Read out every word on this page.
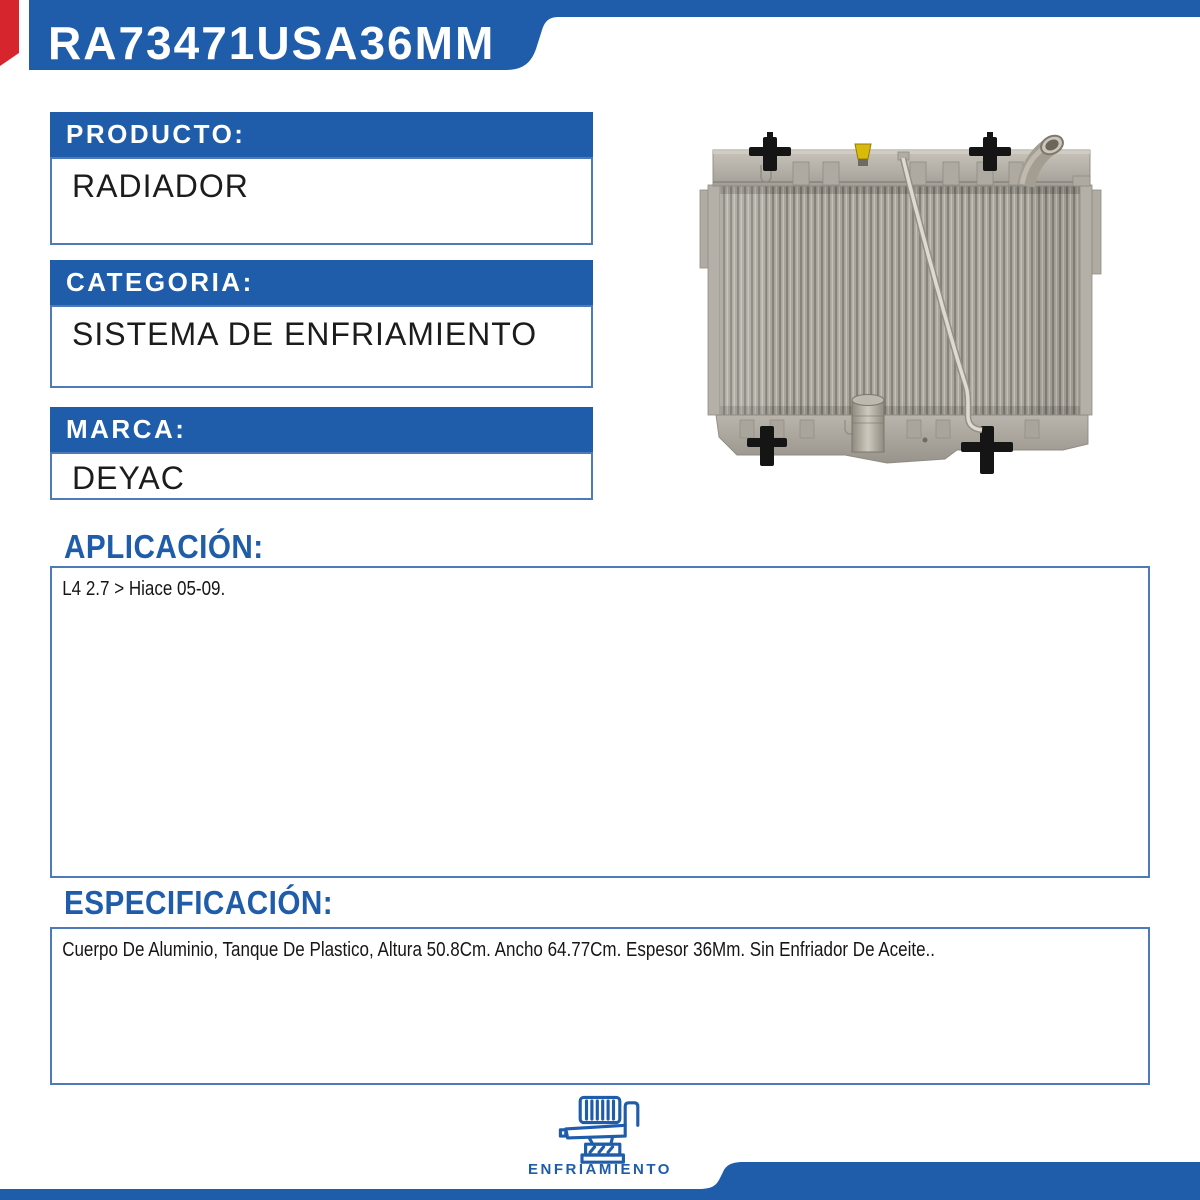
RA73471USA36MM
PRODUCTO:
RADIADOR
CATEGORIA:
SISTEMA DE ENFRIAMIENTO
MARCA:
DEYAC
APLICACIÓN:
L4 2.7 > Hiace 05-09.
ESPECIFICACIÓN:
Cuerpo De Aluminio, Tanque De Plastico, Altura 50.8Cm. Ancho 64.77Cm. Espesor 36Mm. Sin Enfriador De Aceite..
ENFRIAMIENTO
